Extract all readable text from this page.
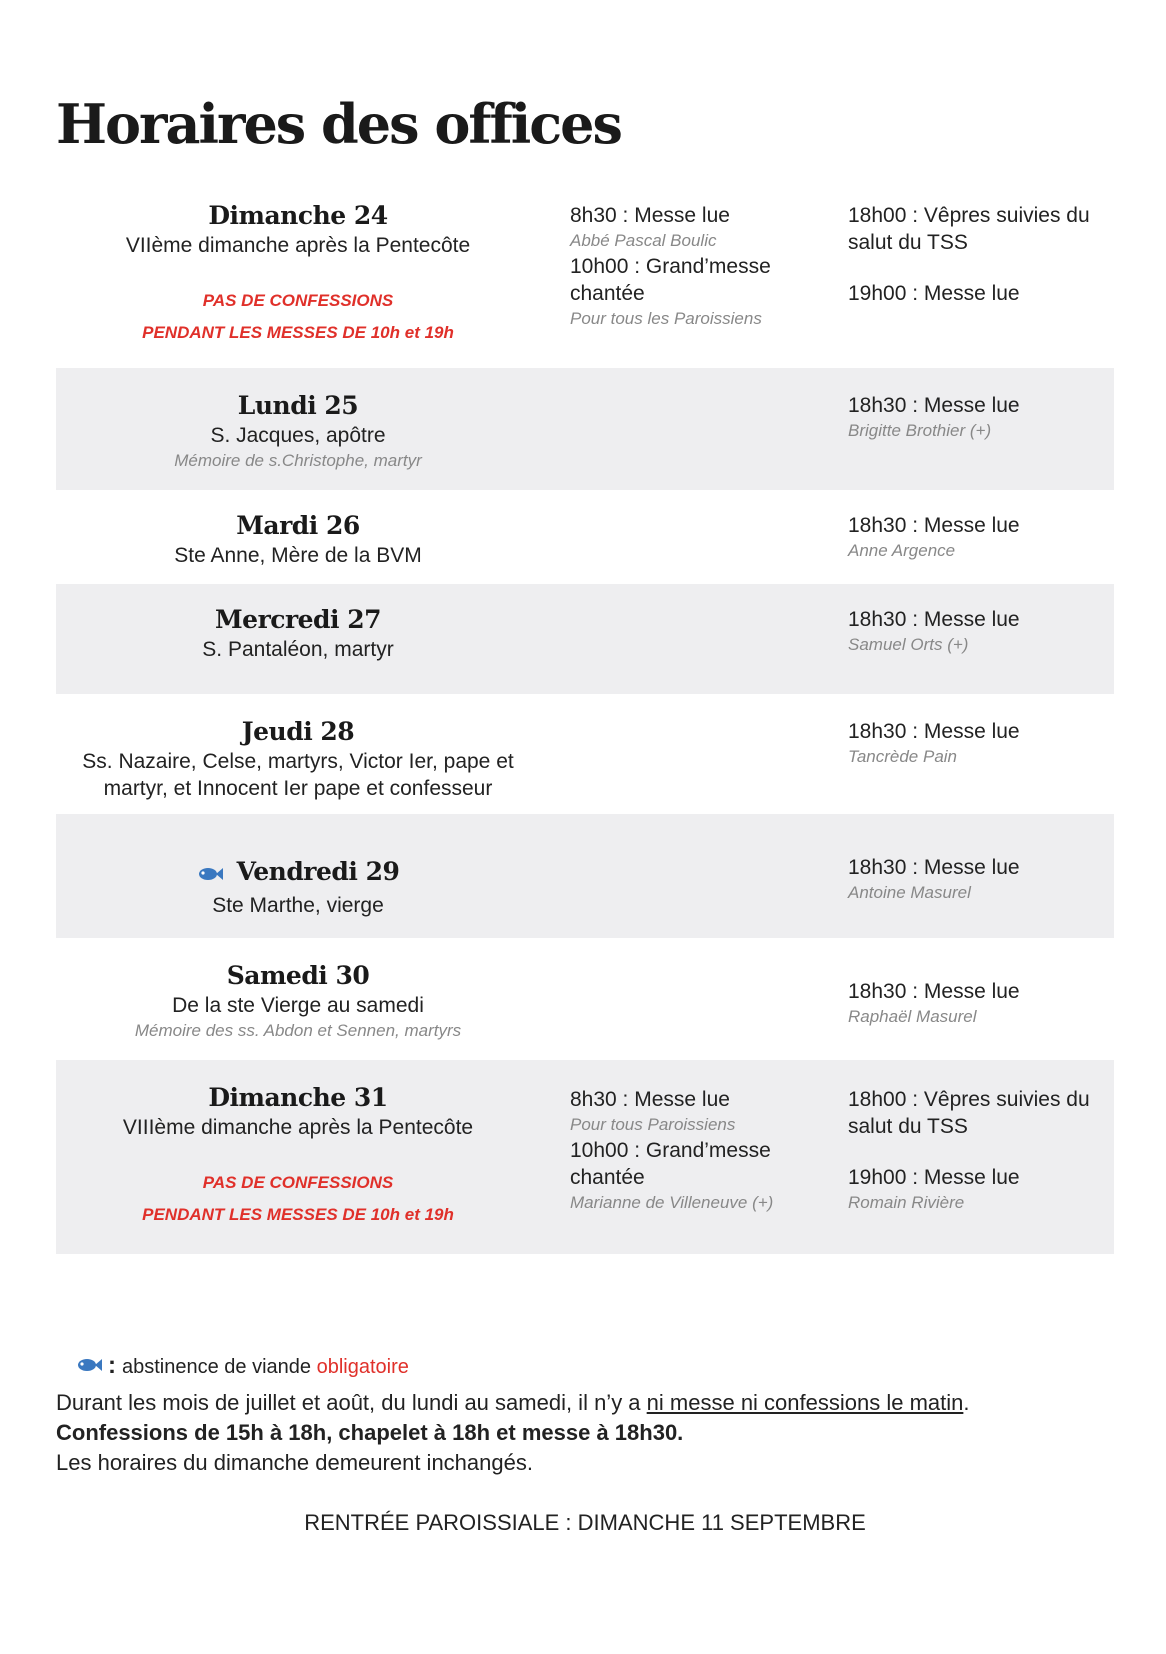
Horaires des offices
Dimanche 24
VIIème dimanche après la Pentecôte
PAS DE CONFESSIONS
PENDANT LES MESSES DE 10h et 19h
8h30 : Messe lue
Abbé Pascal Boulic
10h00 : Grand’messe chantée
Pour tous les Paroissiens
18h00 : Vêpres suivies du salut du TSS
19h00 : Messe lue
Lundi 25
S. Jacques, apôtre
Mémoire de s.Christophe, martyr
18h30 : Messe lue
Brigitte Brothier (+)
Mardi 26
Ste Anne, Mère de la BVM
18h30 : Messe lue
Anne Argence
Mercredi 27
S. Pantaléon, martyr
18h30 : Messe lue
Samuel Orts (+)
Jeudi 28
Ss. Nazaire, Celse, martyrs, Victor Ier, pape et martyr, et Innocent Ier pape et confesseur
18h30 : Messe lue
Tancrède Pain
Vendredi 29
Ste Marthe, vierge
18h30 : Messe lue
Antoine Masurel
Samedi 30
De la ste Vierge au samedi
Mémoire des ss. Abdon et Sennen, martyrs
18h30 : Messe lue
Raphaël Masurel
Dimanche 31
VIIIème dimanche après la Pentecôte
PAS DE CONFESSIONS
PENDANT LES MESSES DE 10h et 19h
8h30 : Messe lue
Pour tous Paroissiens
10h00 : Grand’messe chantée
Marianne de Villeneuve (+)
18h00 : Vêpres suivies du salut du TSS
19h00 : Messe lue
Romain Rivière
: abstinence de viande obligatoire
Durant les mois de juillet et août, du lundi au samedi, il n’y a ni messe ni confessions le matin.
Confessions de 15h à 18h, chapelet à 18h et messe à 18h30.
Les horaires du dimanche demeurent inchangés.
RENTRÉE PAROISSIALE : DIMANCHE 11 SEPTEMBRE
